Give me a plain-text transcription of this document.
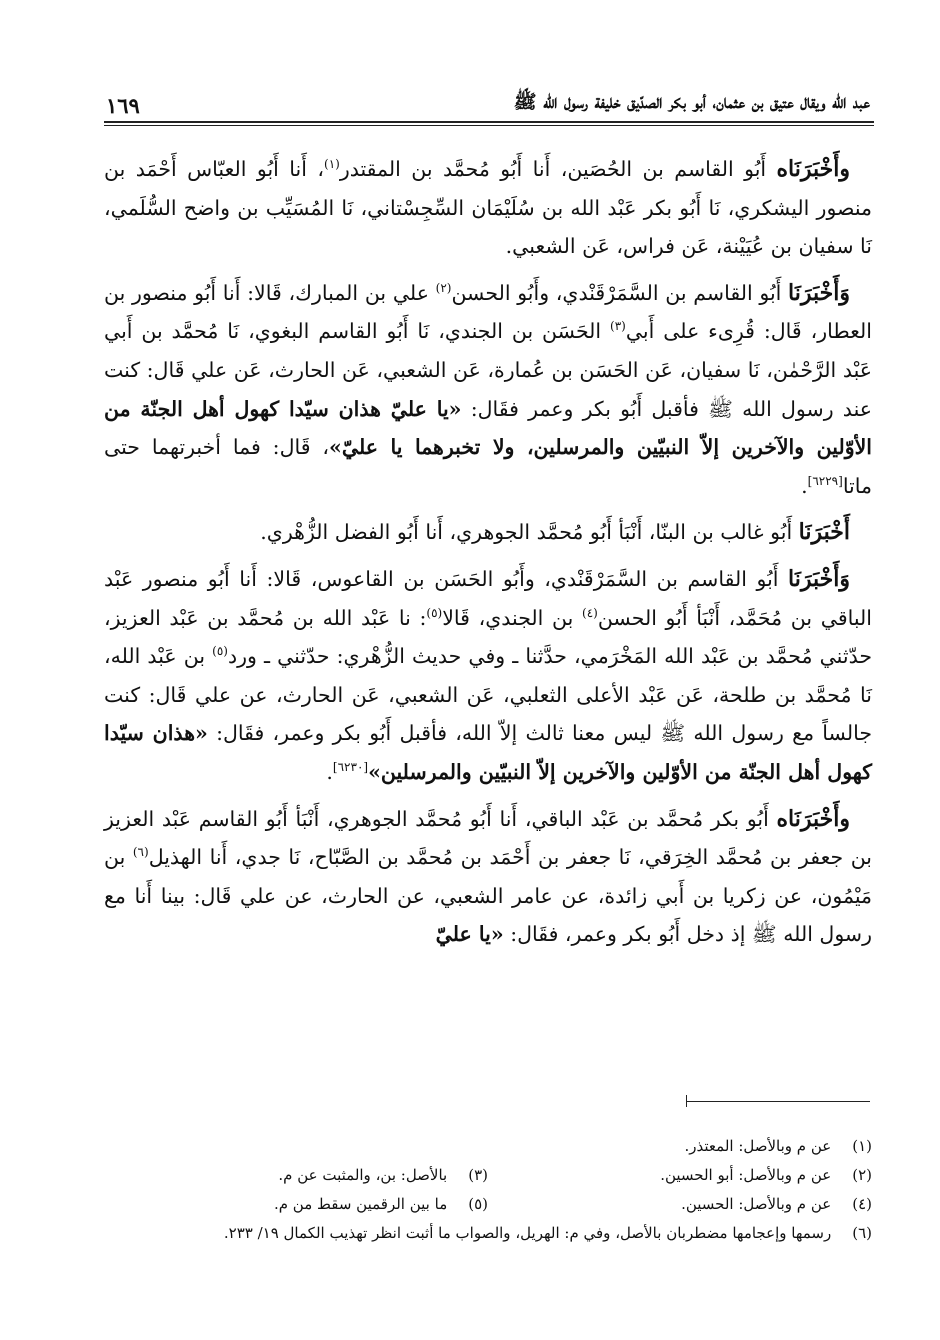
عبد الله ويقال عتيق بن عثمان، أبو بكر الصدّيق خليفة رسول الله ﷺ
١٦٩

وأَخْبَرَنَاه أَبُو القاسم بن الحُصَين، أَنا أَبُو مُحمَّد بن المقتدر$^{(١)}$، أَنا أَبُو العبّاس أَحْمَد بن منصور اليشكري، نَا أَبُو بكر عَبْد الله بن سُلَيْمَان السِّجِسْتاني، نَا المُسَيِّب بن واضح السُّلَمي، نَا سفيان بن عُيَيْنة، عَن فراس، عَن الشعبي.

وَأَخْبَرَنَا أَبُو القاسم بن السَّمَرْقَنْدي، وأَبُو الحسن$^{(٢)}$ علي بن المبارك، قَالا: أَنا أَبُو منصور بن العطار، قَال: قُرِىء على أَبي$^{(٣)}$ الحَسَن بن الجندي، نَا أَبُو القاسم البغوي، نَا مُحمَّد بن أَبي عَبْد الرَّحْمٰن، نَا سفيان، عَن الحَسَن بن عُمارة، عَن الشعبي، عَن الحارث، عَن علي قَال: كنت عند رسول الله ﷺ فأقبل أَبُو بكر وعمر فقَال: «يا عليّ هذان سيّدا كهول أهل الجنّة من الأوّلين والآخرين إلاّ النبيّين والمرسلين، ولا تخبرهما يا عليّ»، قَال: فما أخبرتهما حتى ماتا[٦٢٢٩].

أَخْبَرَنَا أَبُو غالب بن البنّا، أَنْبَأ أَبُو مُحمَّد الجوهري، أَنا أَبُو الفضل الزُّهْري.

وَأَخْبَرَنَا أَبُو القاسم بن السَّمَرْقَنْدي، وأَبُو الحَسَن بن القاعوس، قَالا: أَنا أَبُو منصور عَبْد الباقي بن مُحَمَّد، أَنْبَأ أَبُو الحسن$^{(٤)}$ بن الجندي، قَالا$^{(٥)}$: نا عَبْد الله بن مُحمَّد بن عَبْد العزيز، حدّثني مُحمَّد بن عَبْد الله المَخْرَمي، حدَّثنا ـ وفي حديث الزُّهْري: حدّثني ـ ورد$^{(٥)}$ بن عَبْد الله، نَا مُحمَّد بن طلحة، عَن عَبْد الأعلى الثعلبي، عَن الشعبي، عَن الحارث، عن علي قَال: كنت جالساً مع رسول الله ﷺ ليس معنا ثالث إلاّ الله، فأقبل أَبُو بكر وعمر، فقَال: «هذان سيّدا كهول أهل الجنّة من الأوّلين والآخرين إلاّ النبيّين والمرسلين»[٦٢٣٠].

وأَخْبَرَنَاه أَبُو بكر مُحمَّد بن عَبْد الباقي، أَنا أَبُو مُحمَّد الجوهري، أَنْبَأ أَبُو القاسم عَبْد العزيز بن جعفر بن مُحمَّد الخِرَقي، نَا جعفر بن أَحْمَد بن مُحمَّد بن الصَّبّاح، نَا جدي، أَنا الهذيل$^{(٦)}$ بن مَيْمُون، عن زكريا بن أَبي زائدة، عن عامر الشعبي، عن الحارث، عن علي قَال: بينا أَنا مع رسول الله ﷺ إذ دخل أَبُو بكر وعمر، فقَال: «يا عليّ

(١) عن م وبالأصل: المعتذر.
(٢) عن م وبالأصل: أبو الحسين.
(٣) بالأصل: بن، والمثبت عن م.
(٤) عن م وبالأصل: الحسين.
(٥) ما بين الرقمين سقط من م.
(٦) رسمها وإعجامها مضطربان بالأصل، وفي م: الهريل، والصواب ما أثبت انظر تهذيب الكمال ١٩/ ٢٣٣.
